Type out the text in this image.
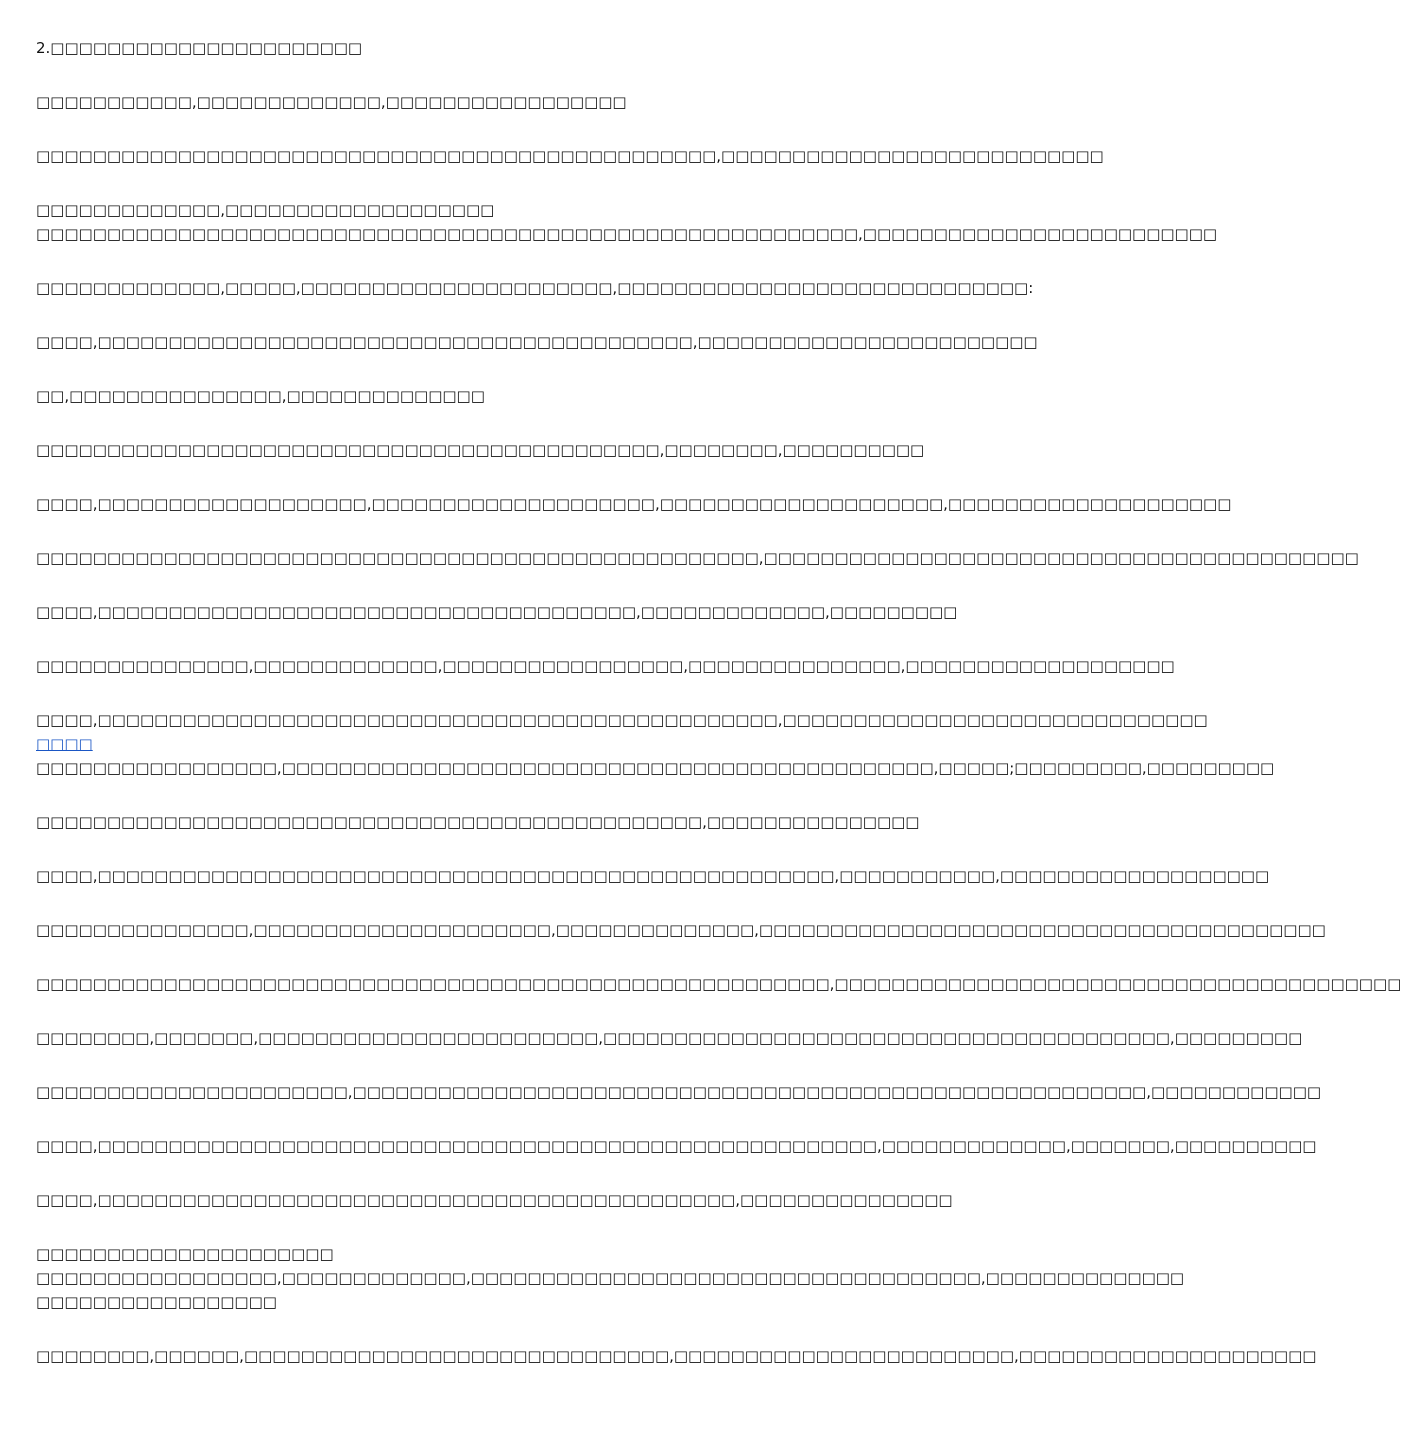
2.□□□□□□□□□□□□□□□□□□□□□□
□□□□□□□□□□□,□□□□□□□□□□□□□,□□□□□□□□□□□□□□□□□
□□□□□□□□□□□□□□□□□□□□□□□□□□□□□□□□□□□□□□□□□□□□□□□□,□□□□□□□□□□□□□□□□□□□□□□□□□□□
□□□□□□□□□□□□□,□□□□□□□□□□□□□□□□□□□
□□□□□□□□□□□□□□□□□□□□□□□□□□□□□□□□□□□□□□□□□□□□□□□□□□□□□□□□□□,□□□□□□□□□□□□□□□□□□□□□□□□□
□□□□□□□□□□□□□,□□□□□,□□□□□□□□□□□□□□□□□□□□□□,□□□□□□□□□□□□□□□□□□□□□□□□□□□□□:
□□□□,□□□□□□□□□□□□□□□□□□□□□□□□□□□□□□□□□□□□□□□□□□,□□□□□□□□□□□□□□□□□□□□□□□□
□□,□□□□□□□□□□□□□□□,□□□□□□□□□□□□□□
□□□□□□□□□□□□□□□□□□□□□□□□□□□□□□□□□□□□□□□□□□□□,□□□□□□□□,□□□□□□□□□□
□□□□,□□□□□□□□□□□□□□□□□□□,□□□□□□□□□□□□□□□□□□□□,□□□□□□□□□□□□□□□□□□□□,□□□□□□□□□□□□□□□□□□□□
□□□□□□□□□□□□□□□□□□□□□□□□□□□□□□□□□□□□□□□□□□□□□□□□□□□,□□□□□□□□□□□□□□□□□□□□□□□□□□□□□□□□□□□□□□□□□□
□□□□,□□□□□□□□□□□□□□□□□□□□□□□□□□□□□□□□□□□□□□,□□□□□□□□□□□□□,□□□□□□□□□
□□□□□□□□□□□□□□□,□□□□□□□□□□□□□,□□□□□□□□□□□□□□□□□,□□□□□□□□□□□□□□□,□□□□□□□□□□□□□□□□□□□
□□□□,□□□□□□□□□□□□□□□□□□□□□□□□□□□□□□□□□□□□□□□□□□□□□□□□,□□□□□□□□□□□□□□□□□□□□□□□□□□□□□□
□□□□
□□□□□□□□□□□□□□□□□,□□□□□□□□□□□□□□□□□□□□□□□□□□□□□□□□□□□□□□□□□□□□□□,□□□□□;□□□□□□□□□,□□□□□□□□□
□□□□□□□□□□□□□□□□□□□□□□□□□□□□□□□□□□□□□□□□□□□□□□□,□□□□□□□□□□□□□□□
□□□□,□□□□□□□□□□□□□□□□□□□□□□□□□□□□□□□□□□□□□□□□□□□□□□□□□□□□,□□□□□□□□□□□,□□□□□□□□□□□□□□□□□□□
□□□□□□□□□□□□□□□,□□□□□□□□□□□□□□□□□□□□□,□□□□□□□□□□□□□□,□□□□□□□□□□□□□□□□□□□□□□□□□□□□□□□□□□□□□□□□
□□□□□□□□□□□□□□□□□□□□□□□□□□□□□□□□□□□□□□□□□□□□□□□□□□□□□□□□,□□□□□□□□□□□□□□□□□□□□□□□□□□□□□□□□□□□□□□□□
□□□□□□□□,□□□□□□□,□□□□□□□□□□□□□□□□□□□□□□□□,□□□□□□□□□□□□□□□□□□□□□□□□□□□□□□□□□□□□□□□□,□□□□□□□□□
□□□□□□□□□□□□□□□□□□□□□□,□□□□□□□□□□□□□□□□□□□□□□□□□□□□□□□□□□□□□□□□□□□□□□□□□□□□□□□□,□□□□□□□□□□□□
□□□□,□□□□□□□□□□□□□□□□□□□□□□□□□□□□□□□□□□□□□□□□□□□□□□□□□□□□□□□,□□□□□□□□□□□□□,□□□□□□□,□□□□□□□□□□
□□□□,□□□□□□□□□□□□□□□□□□□□□□□□□□□□□□□□□□□□□□□□□□□□□,□□□□□□□□□□□□□□□
□□□□□□□□□□□□□□□□□□□□□
□□□□□□□□□□□□□□□□□,□□□□□□□□□□□□□,□□□□□□□□□□□□□□□□□□□□□□□□□□□□□□□□□□□□,□□□□□□□□□□□□□□
□□□□□□□□□□□□□□□□□
□□□□□□□□,□□□□□□,□□□□□□□□□□□□□□□□□□□□□□□□□□□□□□,□□□□□□□□□□□□□□□□□□□□□□□□,□□□□□□□□□□□□□□□□□□□□□
